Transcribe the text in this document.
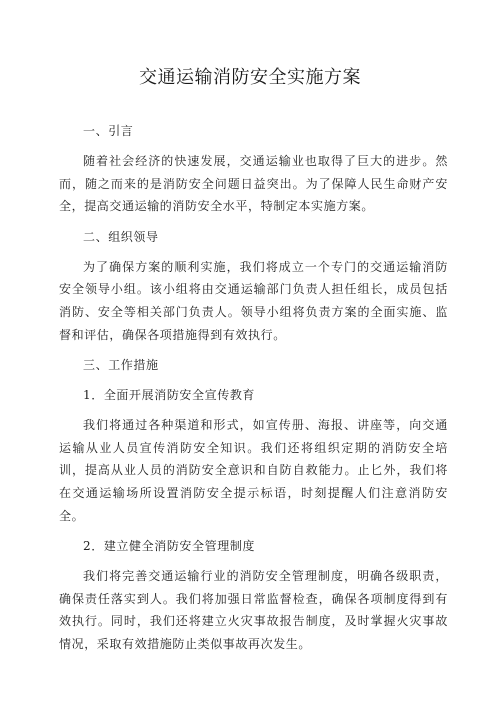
交通运输消防安全实施方案
一、引言
随着社会经济的快速发展，交通运输业也取得了巨大的进步。然而，随之而来的是消防安全问题日益突出。为了保障人民生命财产安全，提高交通运输的消防安全水平，特制定本实施方案。
二、组织领导
为了确保方案的顺利实施，我们将成立一个专门的交通运输消防安全领导小组。该小组将由交通运输部门负责人担任组长，成员包括消防、安全等相关部门负责人。领导小组将负责方案的全面实施、监督和评估，确保各项措施得到有效执行。
三、工作措施
1．全面开展消防安全宣传教育
我们将通过各种渠道和形式，如宣传册、海报、讲座等，向交通运输从业人员宣传消防安全知识。我们还将组织定期的消防安全培训，提高从业人员的消防安全意识和自防自救能力。止匕外，我们将在交通运输场所设置消防安全提示标语，时刻提醒人们注意消防安全。
2．建立健全消防安全管理制度
我们将完善交通运输行业的消防安全管理制度，明确各级职责，确保责任落实到人。我们将加强日常监督检查，确保各项制度得到有效执行。同时，我们还将建立火灾事故报告制度，及时掌握火灾事故情况，采取有效措施防止类似事故再次发生。
